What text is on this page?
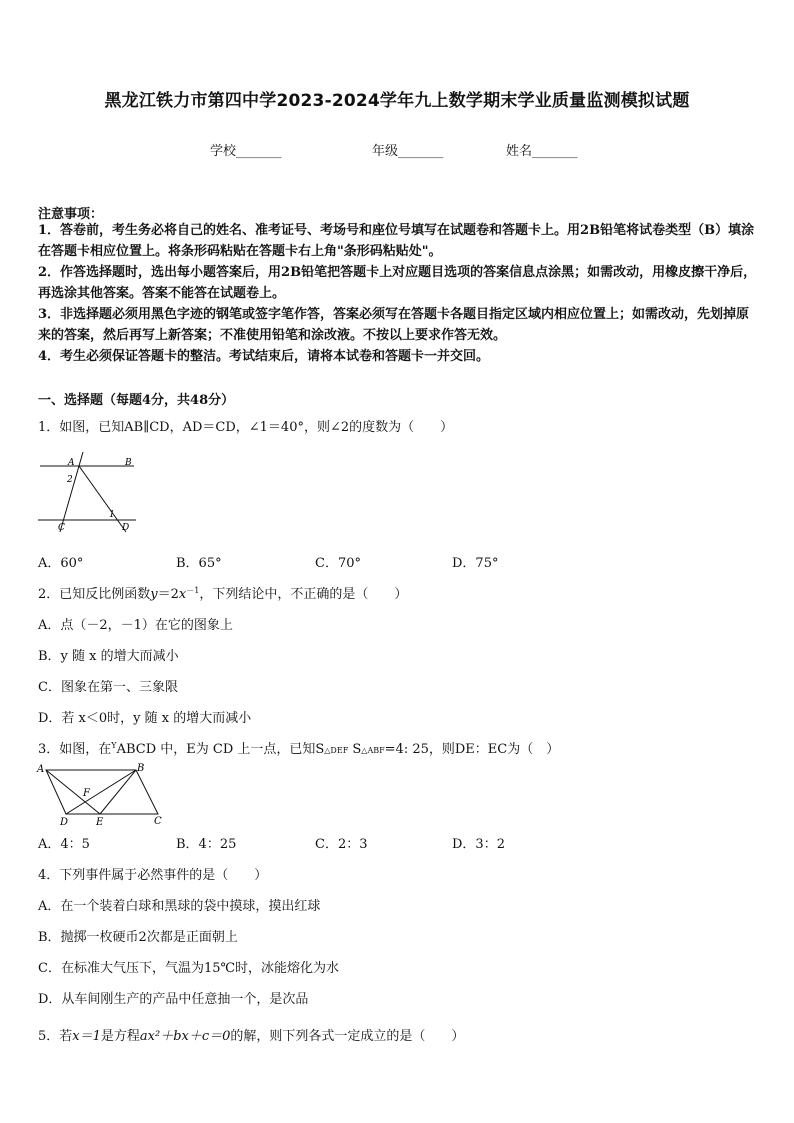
黑龙江铁力市第四中学2023-2024学年九上数学期末学业质量监测模拟试题
学校_______	年级_______	姓名_______
注意事项：
1．答卷前，考生务必将自己的姓名、准考证号、考场号和座位号填写在试题卷和答题卡上。用2B铅笔将试卷类型（B）填涂在答题卡相应位置上。将条形码粘贴在答题卡右上角"条形码粘贴处"。
2．作答选择题时，选出每小题答案后，用2B铅笔把答题卡上对应题目选项的答案信息点涂黑；如需改动，用橡皮擦干净后，再选涂其他答案。答案不能答在试题卷上。
3．非选择题必须用黑色字迹的钢笔或签字笔作答，答案必须写在答题卡各题目指定区域内相应位置上；如需改动，先划掉原来的答案，然后再写上新答案；不准使用铅笔和涂改液。不按以上要求作答无效。
4．考生必须保证答题卡的整洁。考试结束后，请将本试卷和答题卡一并交回。
一、选择题（每题4分，共48分）
1．如图，已知AB∥CD，AD＝CD，∠1＝40°，则∠2的度数为（　　）
A	B
2
C
1
D
A．60°	B．65°	C．70°	D．75°
2．已知反比例函数$y=2x^{-1}$，下列结论中，不正确的是（　　）
A．点（－2，－1）在它的图象上
B．y 随 x 的增大而减小
C．图象在第一、三象限
D．若 x＜0时，y 随 x 的增大而减小
3．如图，在$^Y$ABCD 中，E为 CD 上一点，已知S△DEF S△ABF=4: 25，则DE：EC为（　）
A	B
F
D	E	C
A．4：5	B．4：25	C．2：3	D．3：2
4．下列事件属于必然事件的是（　　）
A．在一个装着白球和黑球的袋中摸球，摸出红球
B．抛掷一枚硬币2次都是正面朝上
C．在标准大气压下，气温为15℃时，冰能熔化为水
D．从车间刚生产的产品中任意抽一个，是次品
5．若x＝1是方程ax²＋bx＋c＝0的解，则下列各式一定成立的是（　　）
